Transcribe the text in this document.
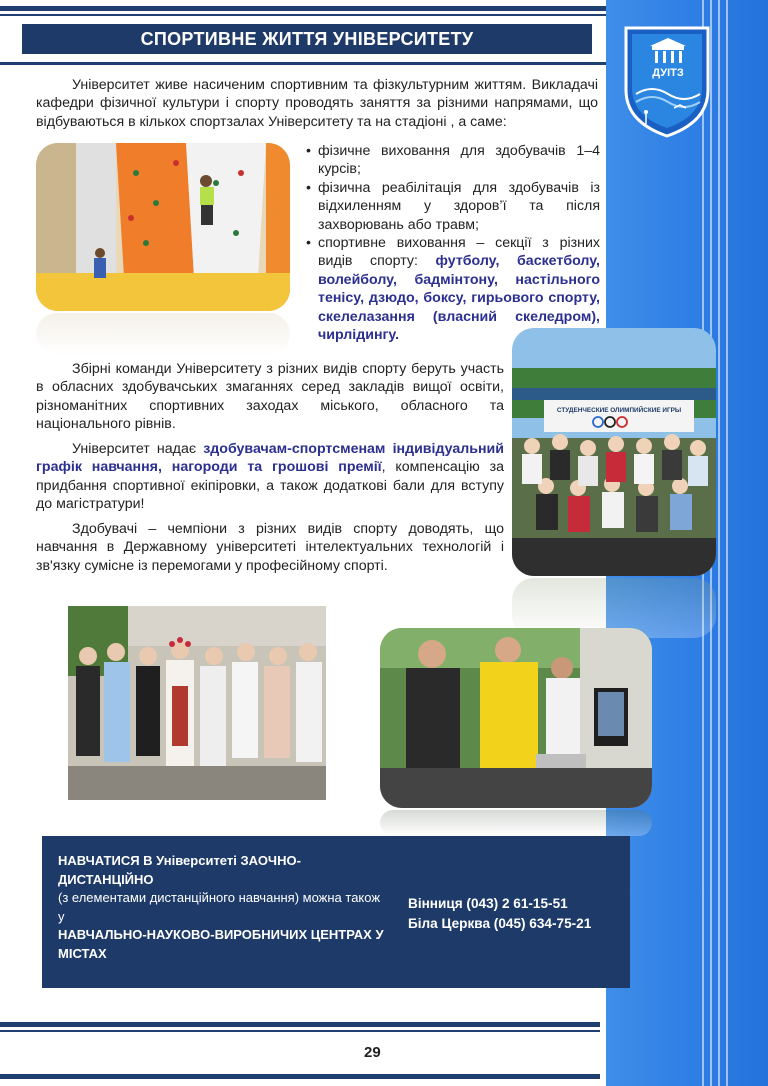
СПОРТИВНЕ ЖИТТЯ УНІВЕРСИТЕТУ
ДУІТЗ
Університет живе насиченим спортивним та фізкультурним життям. Викладачі кафедри фізичної культури і спорту проводять заняття за різними напрямами, що відбуваються в кількох спортзалах Університету та на стадіоні , а саме:
• фізичне виховання для здобувачів 1–4 курсів;
• фізична реабілітація для здобувачів із відхиленням у здоров’ї та після захворювань або травм;
• спортивне виховання – секції з різних видів спорту: футболу, баскетболу, волейболу, бадмінтону, настільного тенісу, дзюдо, боксу, гирьового спорту, скелелазання (власний скеледром), чирлідингу.
Збірні команди Університету з різних видів спорту беруть участь в обласних здобувачських змаганнях серед закладів вищої освіти, різноманітних спортивних заходах міського, обласного та національного рівнів.
Університет надає здобувачам-спортсменам індивідуальний графік навчання, нагороди та грошові премії, компенсацію за придбання спортивної екіпіровки, а також додаткові бали для вступу до магістратури!
Здобувачі – чемпіони з різних видів спорту доводять, що навчання в Державному університеті інтелектуальних технологій і зв'язку сумісне із перемогами у професійному спорті.
СТУДЕНЧЕСКИЕ ОЛИМПИЙСКИЕ ИГРЫ
НАВЧАТИСЯ В Університеті ЗАОЧНО-ДИСТАНЦІЙНО
(з елементами дистанційного навчання) можна також у
НАВЧАЛЬНО-НАУКОВО-ВИРОБНИЧИХ ЦЕНТРАХ У МІСТАХ
Вінниця (043) 2 61-15-51
Біла Церква (045) 634-75-21
29
